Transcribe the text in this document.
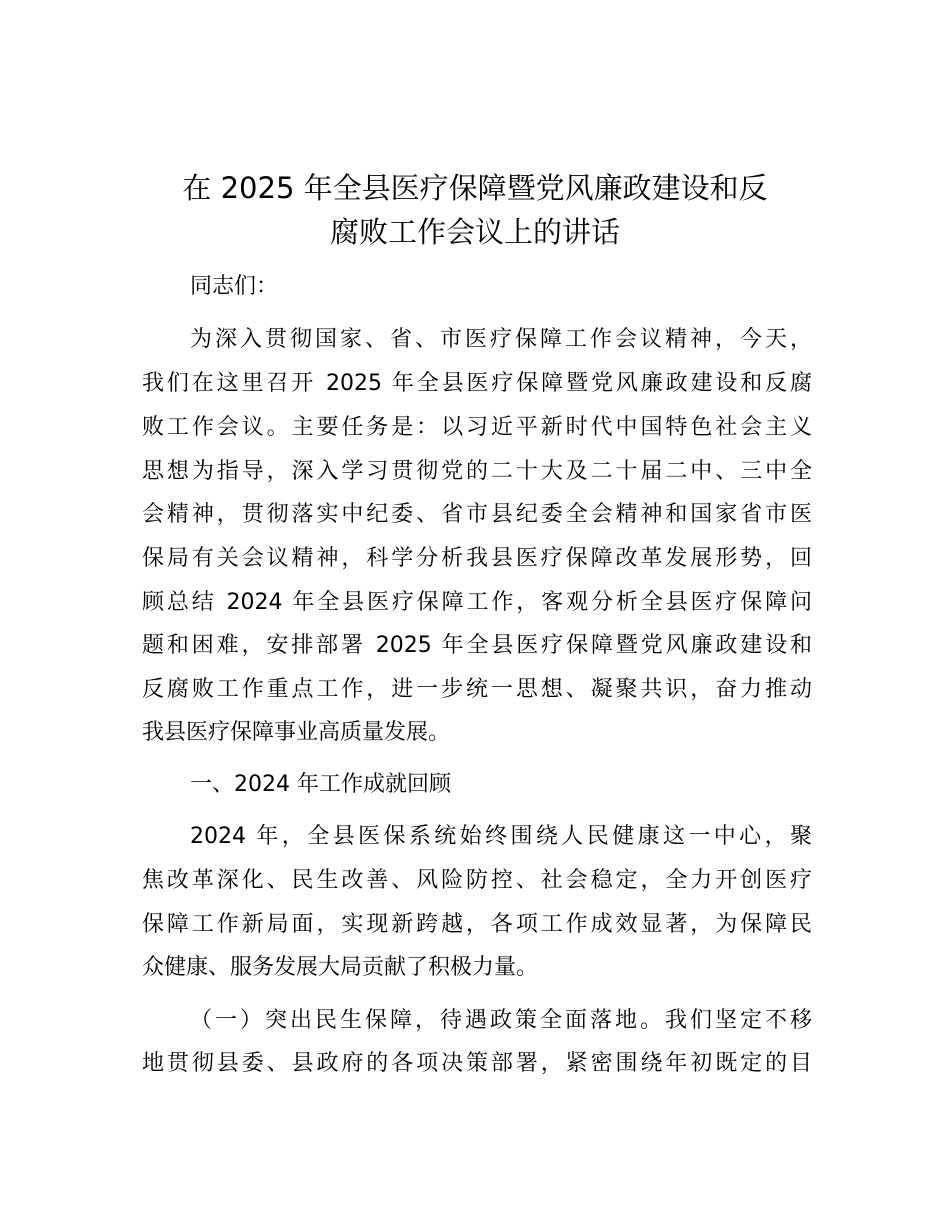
在 2025 年全县医疗保障暨党风廉政建设和反
腐败工作会议上的讲话

同志们：

为深入贯彻国家、省、市医疗保障工作会议精神，今天，

我们在这里召开 2025 年全县医疗保障暨党风廉政建设和反腐

败工作会议。主要任务是：以习近平新时代中国特色社会主义

思想为指导，深入学习贯彻党的二十大及二十届二中、三中全

会精神，贯彻落实中纪委、省市县纪委全会精神和国家省市医

保局有关会议精神，科学分析我县医疗保障改革发展形势，回

顾总结 2024 年全县医疗保障工作，客观分析全县医疗保障问

题和困难，安排部署 2025 年全县医疗保障暨党风廉政建设和

反腐败工作重点工作，进一步统一思想、凝聚共识，奋力推动

我县医疗保障事业高质量发展。

一、2024 年工作成就回顾

2024 年，全县医保系统始终围绕人民健康这一中心，聚

焦改革深化、民生改善、风险防控、社会稳定，全力开创医疗

保障工作新局面，实现新跨越，各项工作成效显著，为保障民

众健康、服务发展大局贡献了积极力量。

（一）突出民生保障，待遇政策全面落地。我们坚定不移

地贯彻县委、县政府的各项决策部署，紧密围绕年初既定的目
